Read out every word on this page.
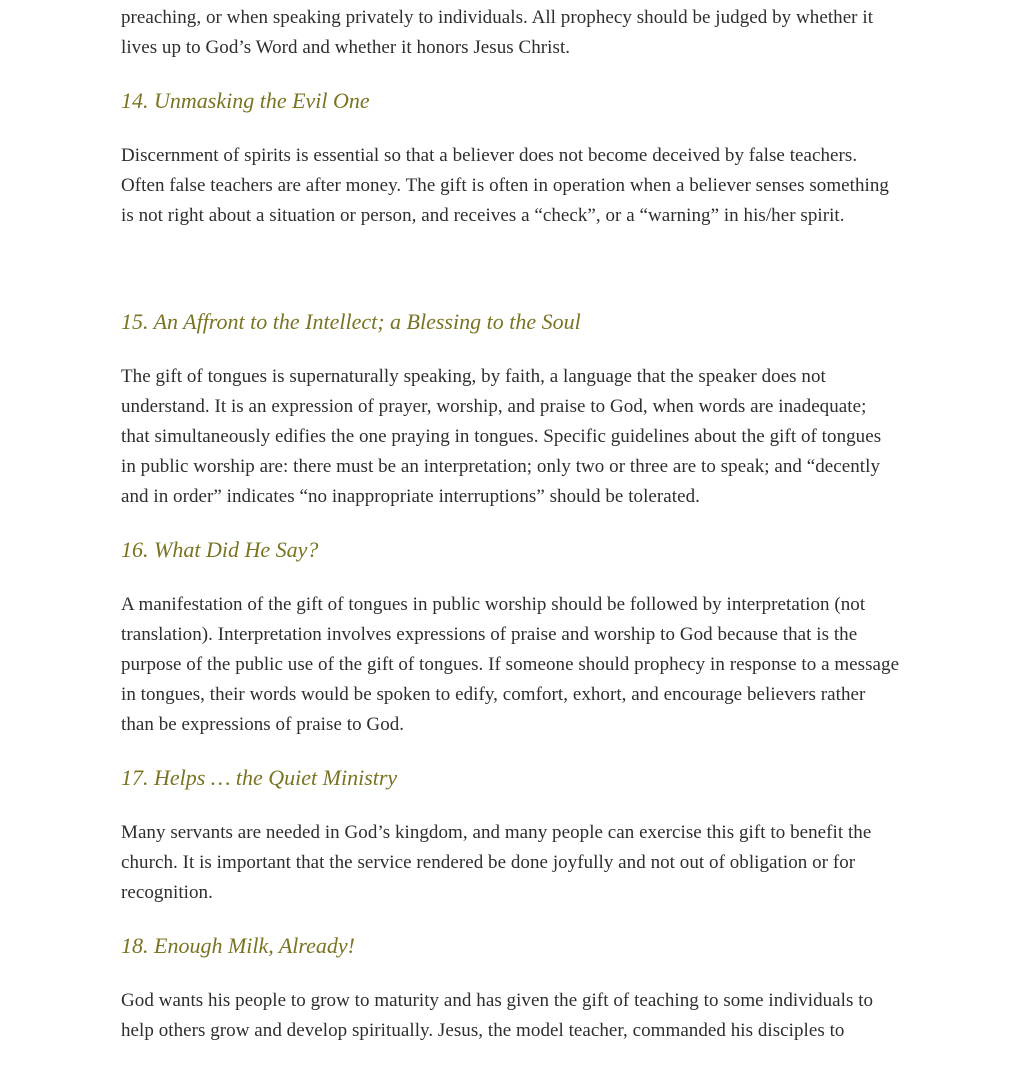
preaching, or when speaking privately to individuals. All prophecy should be judged by whether it
lives up to God’s Word and whether it honors Jesus Christ.

14. Unmasking the Evil One

Discernment of spirits is essential so that a believer does not become deceived by false teachers.
Often false teachers are after money. The gift is often in operation when a believer senses something
is not right about a situation or person, and receives a “check”, or a “warning” in his/her spirit.

15. An Affront to the Intellect; a Blessing to the Soul

The gift of tongues is supernaturally speaking, by faith, a language that the speaker does not
understand. It is an expression of prayer, worship, and praise to God, when words are inadequate;
that simultaneously edifies the one praying in tongues. Specific guidelines about the gift of tongues
in public worship are: there must be an interpretation; only two or three are to speak; and “decently
and in order” indicates “no inappropriate interruptions” should be tolerated.

16. What Did He Say?

A manifestation of the gift of tongues in public worship should be followed by interpretation (not
translation). Interpretation involves expressions of praise and worship to God because that is the
purpose of the public use of the gift of tongues. If someone should prophecy in response to a message
in tongues, their words would be spoken to edify, comfort, exhort, and encourage believers rather
than be expressions of praise to God.

17. Helps … the Quiet Ministry

Many servants are needed in God’s kingdom, and many people can exercise this gift to benefit the
church. It is important that the service rendered be done joyfully and not out of obligation or for
recognition.

18. Enough Milk, Already!

God wants his people to grow to maturity and has given the gift of teaching to some individuals to
help others grow and develop spiritually. Jesus, the model teacher, commanded his disciples to
